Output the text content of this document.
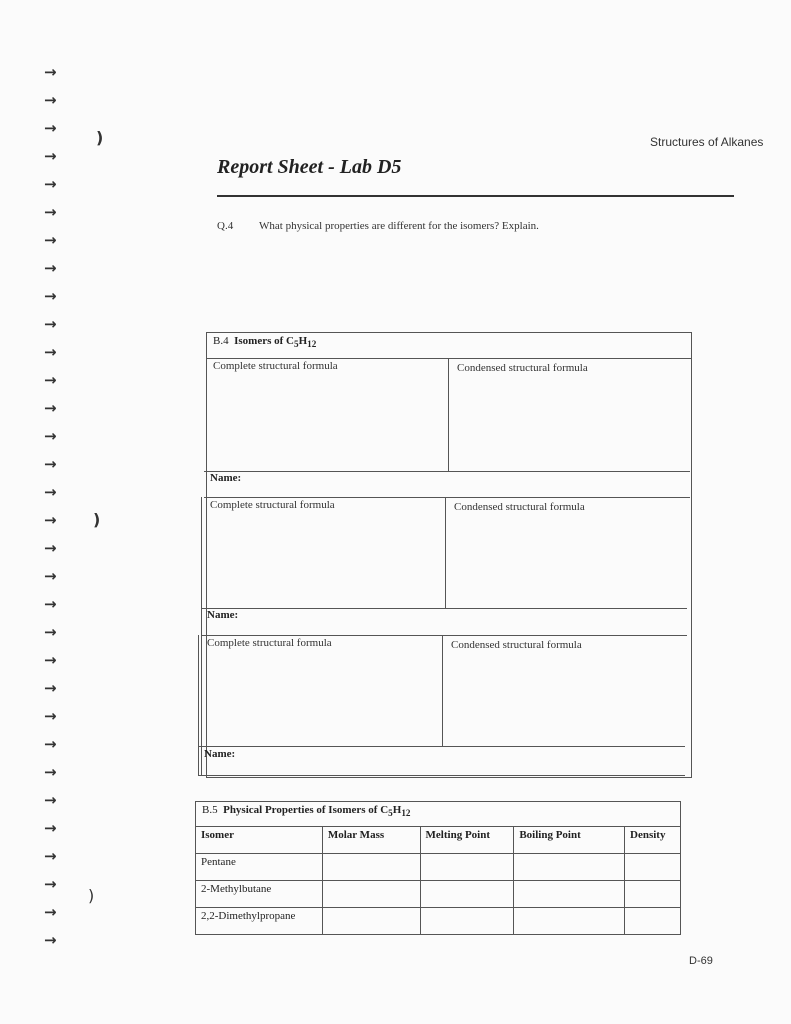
→
→
→
→
→
→
→
→
→
→
→
→
→
→
→
→
→
→
→
→
→
→
→
→
→
→
→
→
→
→
→
→
)
)
)
Structures of Alkanes
Report Sheet - Lab D5
Q.4 What physical properties are different for the isomers? Explain.
B.4 Isomers of $C_5H_{12}$
Complete structural formula	Condensed structural formula
Name:
Complete structural formula	Condensed structural formula
Name:
Complete structural formula	Condensed structural formula
Name:
B.5 Physical Properties of Isomers of $C_5H_{12}$
Isomer	Molar Mass	Melting Point	Boiling Point	Density
Pentane				
2-Methylbutane				
2,2-Dimethylpropane				
D-69
